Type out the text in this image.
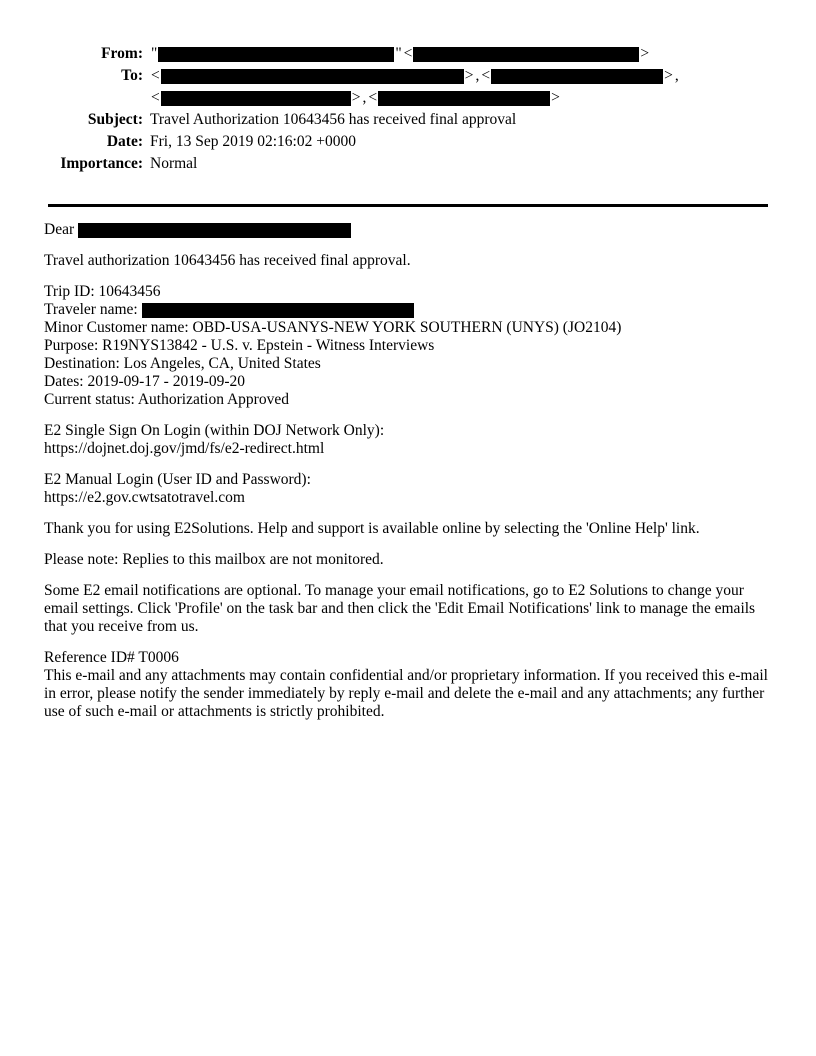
From: "	" <	>
To: <	> , <	> ,

<	> , <	>
Subject: Travel Authorization 10643456 has received final approval
Date: Fri, 13 Sep 2019 02:16:02 +0000
Importance: Normal
Dear
Travel authorization 10643456 has received final approval.
Trip ID: 10643456
Traveler name:
Minor Customer name: OBD-USA-USANYS-NEW YORK SOUTHERN (UNYS) (JO2104)
Purpose: R19NYS13842 - U.S. v. Epstein - Witness Interviews
Destination: Los Angeles, CA, United States
Dates: 2019-09-17 - 2019-09-20
Current status: Authorization Approved
E2 Single Sign On Login (within DOJ Network Only):
https://dojnet.doj.gov/jmd/fs/e2-redirect.html
E2 Manual Login (User ID and Password):
https://e2.gov.cwtsatotravel.com
Thank you for using E2Solutions. Help and support is available online by selecting the 'Online Help' link.
Please note: Replies to this mailbox are not monitored.
Some E2 email notifications are optional. To manage your email notifications, go to E2 Solutions to change your email settings. Click 'Profile' on the task bar and then click the 'Edit Email Notifications' link to manage the emails that you receive from us.
Reference ID# T0006
This e-mail and any attachments may contain confidential and/or proprietary information. If you received this e-mail in error, please notify the sender immediately by reply e-mail and delete the e-mail and any attachments; any further use of such e-mail or attachments is strictly prohibited.
